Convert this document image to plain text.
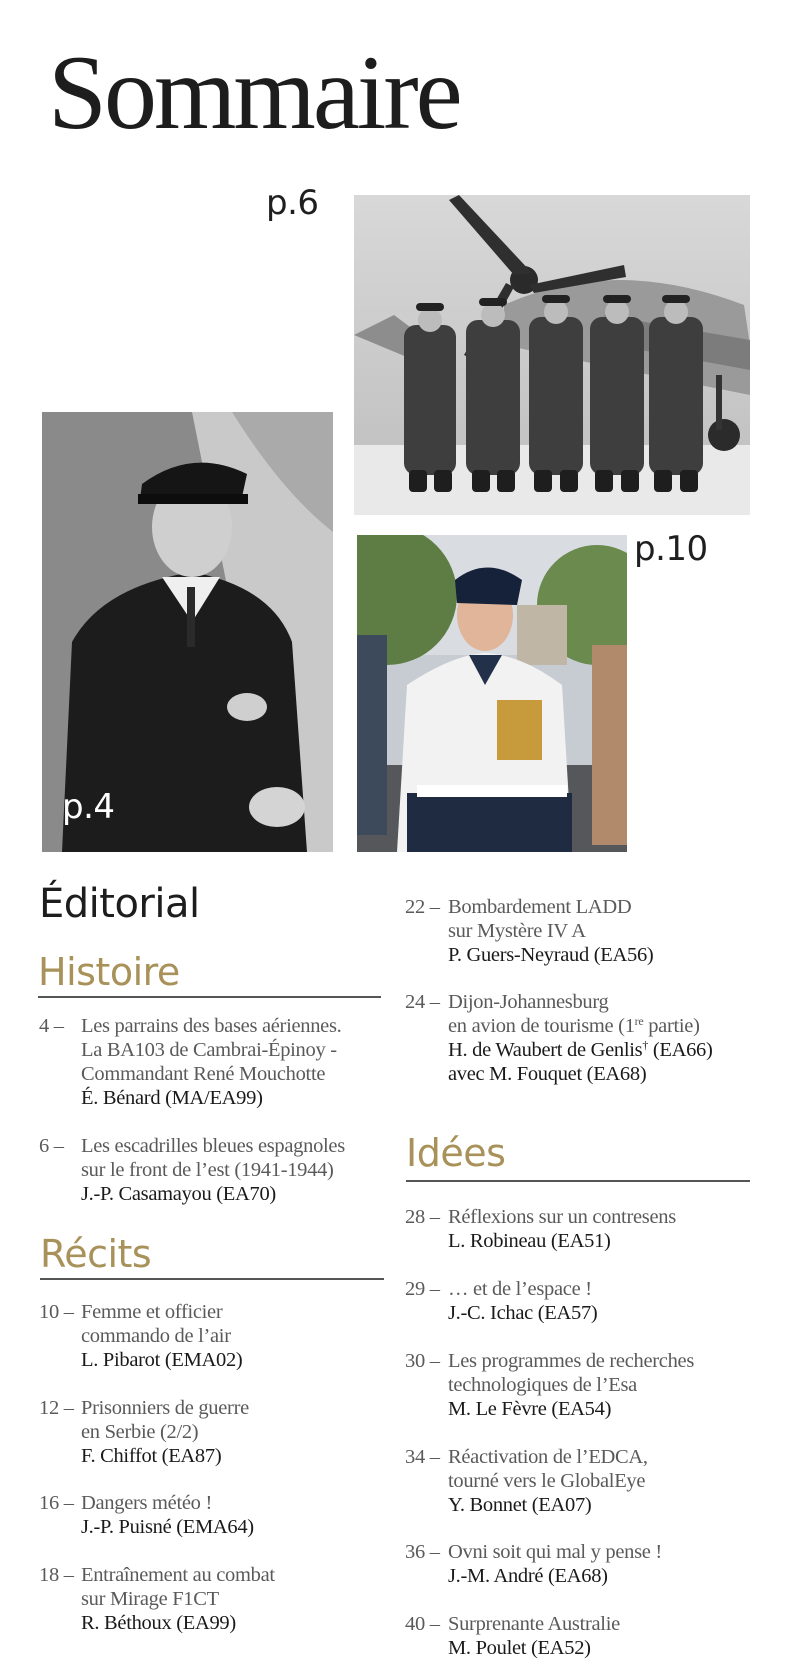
Sommaire
p.6
p.4
p.10
Éditorial
Histoire
4 – Les parrains des bases aériennes.
La BA103 de Cambrai-Épinoy -
Commandant René Mouchotte
É. Bénard (MA/EA99)
6 – Les escadrilles bleues espagnoles
sur le front de l’est (1941-1944)
J.-P. Casamayou (EA70)
Récits
10 – Femme et officier
commando de l’air
L. Pibarot (EMA02)
12 – Prisonniers de guerre
en Serbie (2/2)
F. Chiffot (EA87)
16 – Dangers météo !
J.-P. Puisné (EMA64)
18 – Entraînement au combat
sur Mirage F1CT
R. Béthoux (EA99)
22 – Bombardement LADD
sur Mystère IV A
P. Guers-Neyraud (EA56)
24 – Dijon-Johannesburg
en avion de tourisme (1re partie)
H. de Waubert de Genlis† (EA66)
avec M. Fouquet (EA68)
Idées
28 – Réflexions sur un contresens
L. Robineau (EA51)
29 – … et de l’espace !
J.-C. Ichac (EA57)
30 – Les programmes de recherches
technologiques de l’Esa
M. Le Fèvre (EA54)
34 – Réactivation de l’EDCA,
tourné vers le GlobalEye
Y. Bonnet (EA07)
36 – Ovni soit qui mal y pense !
J.-M. André (EA68)
40 – Surprenante Australie
M. Poulet (EA52)
